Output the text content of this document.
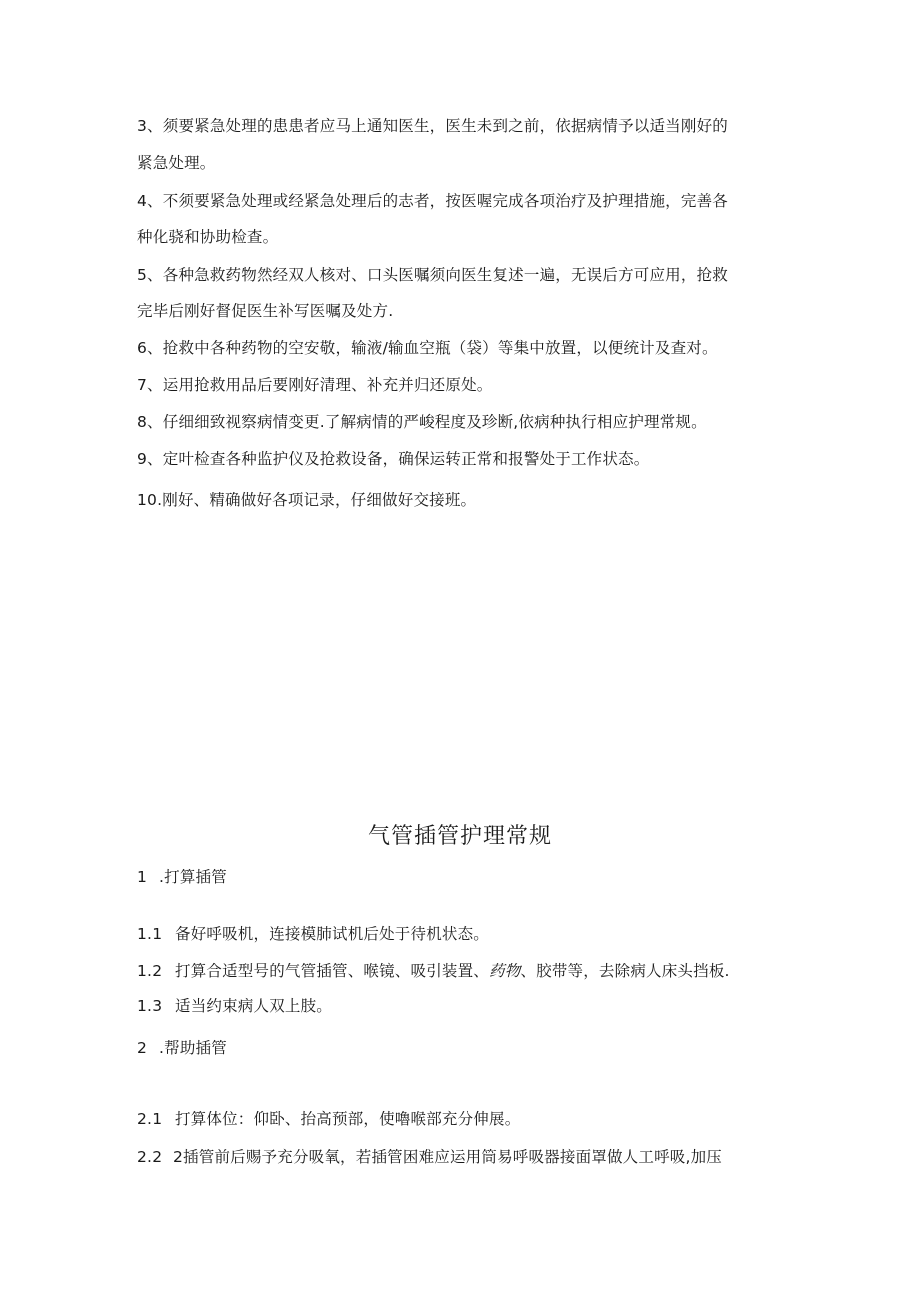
3、须要紧急处理的患患者应马上通知医生，医生未到之前，依据病情予以适当刚好的
紧急处理。
4、不须要紧急处理或经紧急处理后的志者，按医喔完成各项治疗及护理措施，完善各
种化骁和协助检查。
5、各种急救药物然经双人核对、口头医嘱须向医生复述一遍，无误后方可应用，抢救
完毕后刚好督促医生补写医嘱及处方.
6、抢救中各种药物的空安敬，输液/输血空瓶（袋）等集中放置，以便统计及查对。
7、运用抢救用品后要刚好清理、补充并归还原处。
8、仔细细致视察病情变更.了解病情的严峻程度及珍断,依病种执行相应护理常规。
9、定叶检查各种监护仪及抢救设备，确保运转正常和报警处于工作状态。
10.刚好、精确做好各项记录，仔细做好交接班。
气管插管护理常规
1 .打算插管
1.1 备好呼吸机，连接模肺试机后处于待机状态。
1.2 打算合适型号的气管插管、喉镜、吸引装置、药物、胶带等，去除病人床头挡板.
1.3 适当约束病人双上肢。
2 .帮助插管
2.1 打算体位：仰卧、抬高预部，使嚕喉部充分伸展。
2.2 2插管前后赐予充分吸氧，若插管困难应运用筒易呼吸器接面罩做人工呼吸,加压
